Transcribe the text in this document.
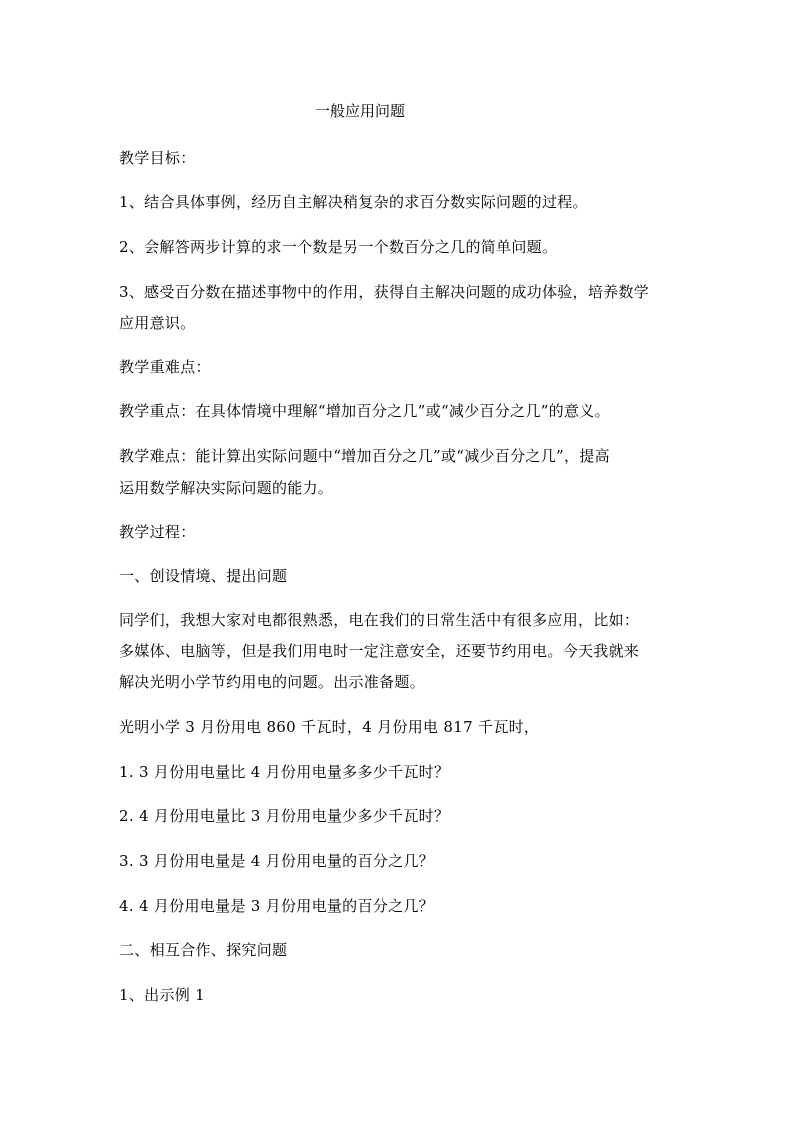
一般应用问题
教学目标：
1、结合具体事例，经历自主解决稍复杂的求百分数实际问题的过程。
2、会解答两步计算的求一个数是另一个数百分之几的简单问题。
3、感受百分数在描述事物中的作用，获得自主解决问题的成功体验，培养数学
应用意识。
教学重难点：
教学重点：在具体情境中理解“增加百分之几”或“减少百分之几”的意义。
教学难点：能计算出实际问题中“增加百分之几”或“减少百分之几”，提高
运用数学解决实际问题的能力。
教学过程：
一、创设情境、提出问题
同学们，我想大家对电都很熟悉，电在我们的日常生活中有很多应用，比如：
多媒体、电脑等，但是我们用电时一定注意安全，还要节约用电。今天我就来
解决光明小学节约用电的问题。出示准备题。
光明小学 3 月份用电 860 千瓦时，4 月份用电 817 千瓦时，
1. 3 月份用电量比 4 月份用电量多多少千瓦时？
2. 4 月份用电量比 3 月份用电量少多少千瓦时？
3. 3 月份用电量是 4 月份用电量的百分之几？
4. 4 月份用电量是 3 月份用电量的百分之几？
二、相互合作、探究问题
1、出示例 1
